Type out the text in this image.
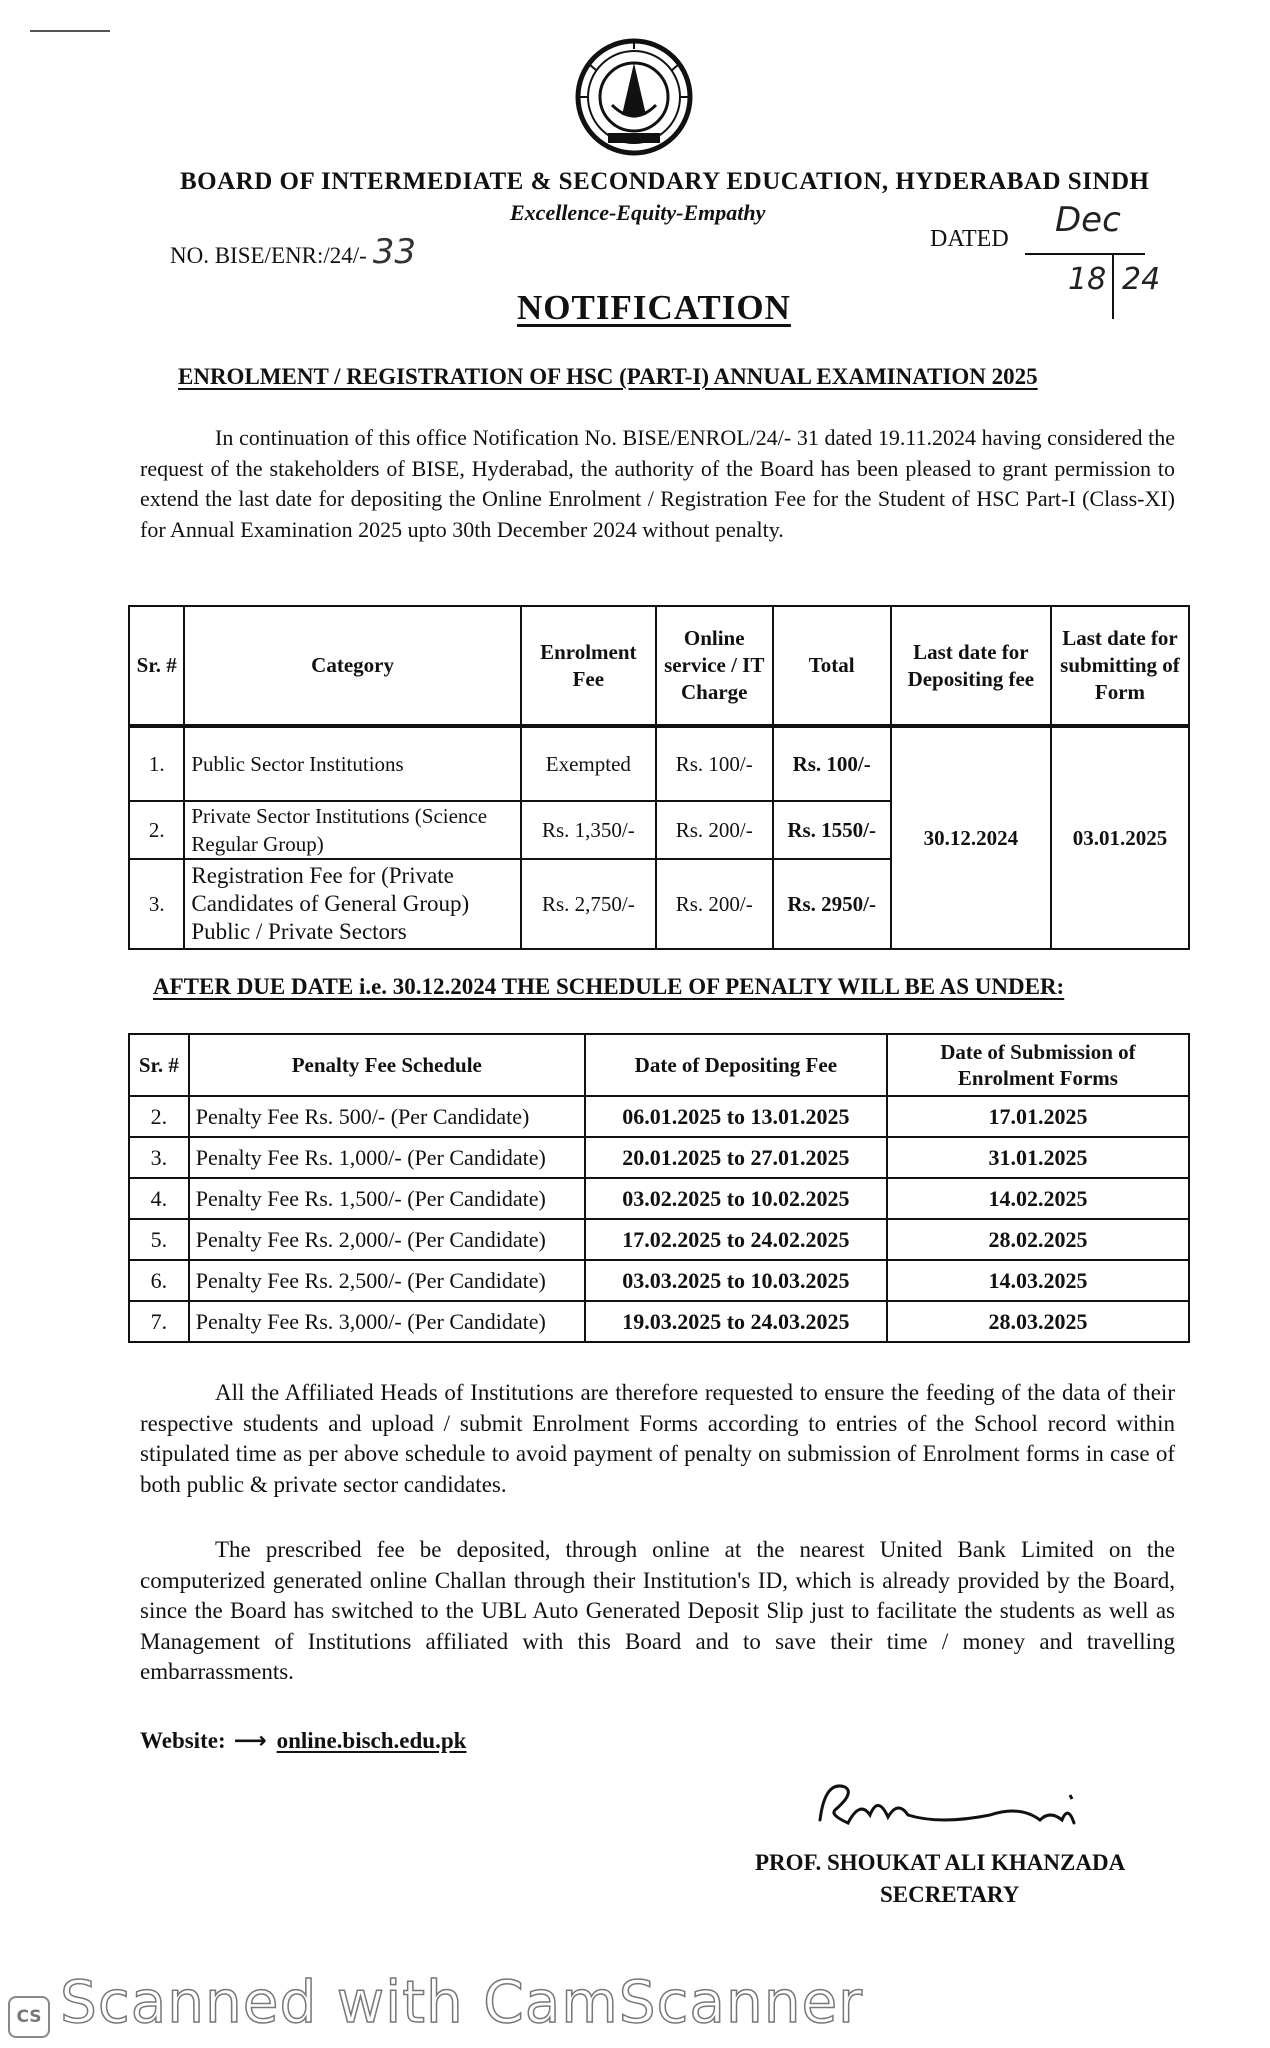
BOARD OF INTERMEDIATE & SECONDARY EDUCATION, HYDERABAD SINDH
Excellence-Equity-Empathy
NO. BISE/ENR:/24/- 33	DATED Dec
18 24
NOTIFICATION
ENROLMENT / REGISTRATION OF HSC (PART-I) ANNUAL EXAMINATION 2025
In continuation of this office Notification No. BISE/ENROL/24/- 31 dated 19.11.2024 having considered the request of the stakeholders of BISE, Hyderabad, the authority of the Board has been pleased to grant permission to extend the last date for depositing the Online Enrolment / Registration Fee for the Student of HSC Part-I (Class-XI) for Annual Examination 2025 upto 30th December 2024 without penalty.
Sr. #	Category	Enrolment Fee	Online service / IT Charge	Total	Last date for Depositing fee	Last date for submitting of Form
1.	Public Sector Institutions	Exempted	Rs. 100/-	Rs. 100/-	30.12.2024	03.01.2025
2.	Private Sector Institutions (Science Regular Group)	Rs. 1,350/-	Rs. 200/-	Rs. 1550/-		
3.	Registration Fee for (Private Candidates of General Group) Public / Private Sectors	Rs. 2,750/-	Rs. 200/-	Rs. 2950/-		
AFTER DUE DATE i.e. 30.12.2024 THE SCHEDULE OF PENALTY WILL BE AS UNDER:
Sr. #	Penalty Fee Schedule	Date of Depositing Fee	Date of Submission of Enrolment Forms
2.	Penalty Fee Rs. 500/- (Per Candidate)	06.01.2025 to 13.01.2025	17.01.2025
3.	Penalty Fee Rs. 1,000/- (Per Candidate)	20.01.2025 to 27.01.2025	31.01.2025
4.	Penalty Fee Rs. 1,500/- (Per Candidate)	03.02.2025 to 10.02.2025	14.02.2025
5.	Penalty Fee Rs. 2,000/- (Per Candidate)	17.02.2025 to 24.02.2025	28.02.2025
6.	Penalty Fee Rs. 2,500/- (Per Candidate)	03.03.2025 to 10.03.2025	14.03.2025
7.	Penalty Fee Rs. 3,000/- (Per Candidate)	19.03.2025 to 24.03.2025	28.03.2025
All the Affiliated Heads of Institutions are therefore requested to ensure the feeding of the data of their respective students and upload / submit Enrolment Forms according to entries of the School record within stipulated time as per above schedule to avoid payment of penalty on submission of Enrolment forms in case of both public & private sector candidates.
The prescribed fee be deposited, through online at the nearest United Bank Limited on the computerized generated online Challan through their Institution's ID, which is already provided by the Board, since the Board has switched to the UBL Auto Generated Deposit Slip just to facilitate the students as well as Management of Institutions affiliated with this Board and to save their time / money and travelling embarrassments.
Website: ⟶ online.bisch.edu.pk
PROF. SHOUKAT ALI KHANZADA
SECRETARY
CS Scanned with CamScanner
